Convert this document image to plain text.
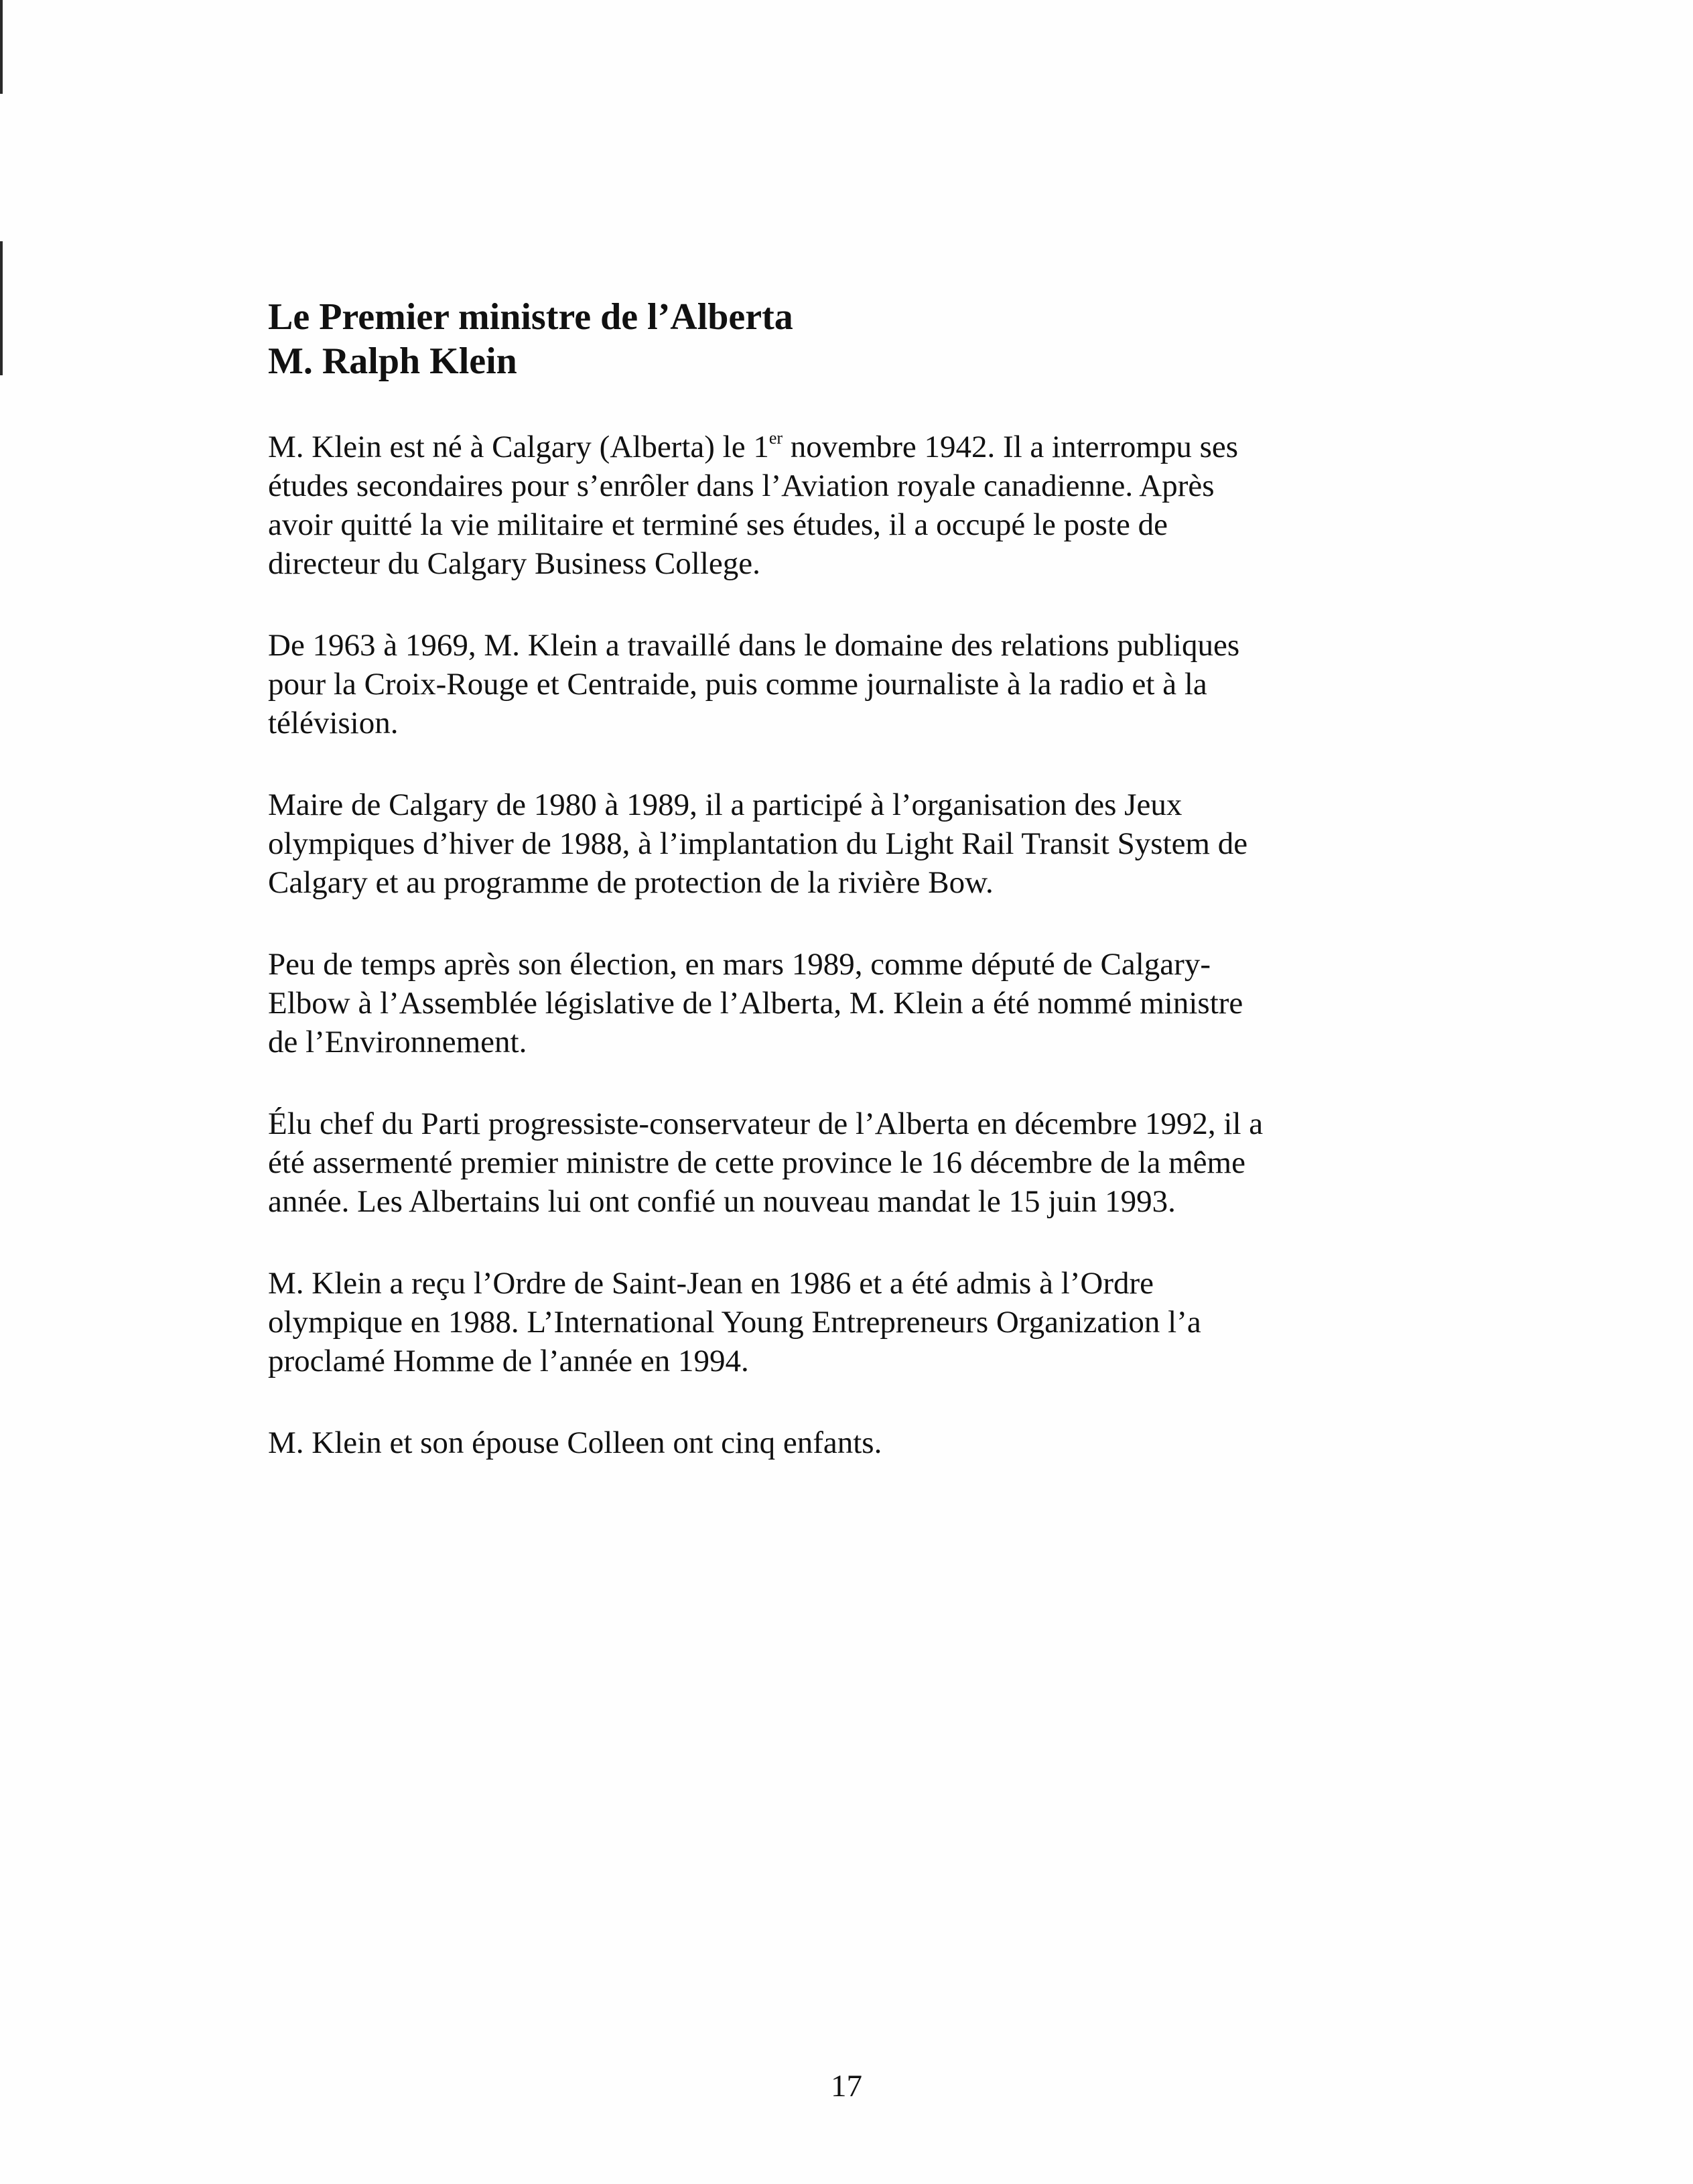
Le Premier ministre de l’Alberta
M. Ralph Klein

M. Klein est né à Calgary (Alberta) le 1er novembre 1942. Il a interrompu ses
études secondaires pour s’enrôler dans l’Aviation royale canadienne. Après
avoir quitté la vie militaire et terminé ses études, il a occupé le poste de
directeur du Calgary Business College.

De 1963 à 1969, M. Klein a travaillé dans le domaine des relations publiques
pour la Croix-Rouge et Centraide, puis comme journaliste à la radio et à la
télévision.

Maire de Calgary de 1980 à 1989, il a participé à l’organisation des Jeux
olympiques d’hiver de 1988, à l’implantation du Light Rail Transit System de
Calgary et au programme de protection de la rivière Bow.

Peu de temps après son élection, en mars 1989, comme député de Calgary-
Elbow à l’Assemblée législative de l’Alberta, M. Klein a été nommé ministre
de l’Environnement.

Élu chef du Parti progressiste-conservateur de l’Alberta en décembre 1992, il a
été assermenté premier ministre de cette province le 16 décembre de la même
année. Les Albertains lui ont confié un nouveau mandat le 15 juin 1993.

M. Klein a reçu l’Ordre de Saint-Jean en 1986 et a été admis à l’Ordre
olympique en 1988. L’International Young Entrepreneurs Organization l’a
proclamé Homme de l’année en 1994.

M. Klein et son épouse Colleen ont cinq enfants.

17
